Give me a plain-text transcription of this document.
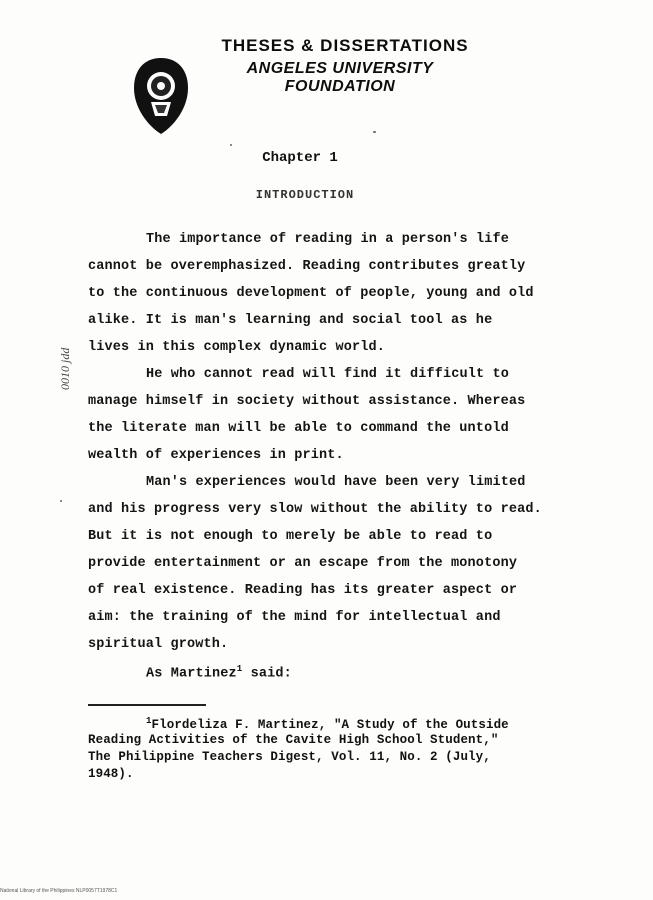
THESES & DISSERTATIONS
ANGELES UNIVERSITY FOUNDATION
Chapter 1
INTRODUCTION
The importance of reading in a person's life
cannot be overemphasized. Reading contributes greatly
to the continuous development of people, young and old
alike. It is man's learning and social tool as he
lives in this complex dynamic world.
He who cannot read will find it difficult to
manage himself in society without assistance. Whereas
the literate man will be able to command the untold
wealth of experiences in print.
Man's experiences would have been very limited
and his progress very slow without the ability to read.
But it is not enough to merely be able to read to
provide entertainment or an escape from the monotony
of real existence. Reading has its greater aspect or
aim: the training of the mind for intellectual and
spiritual growth.
As Martinez$^1$ said:
$^1$Flordeliza F. Martinez, "A Study of the Outside
Reading Activities of the Cavite High School Student,"
The Philippine Teachers Digest, Vol. 11, No. 2 (July,
1948).
0010 jdd
National Library of the Philippines NLP0057T1978C1
